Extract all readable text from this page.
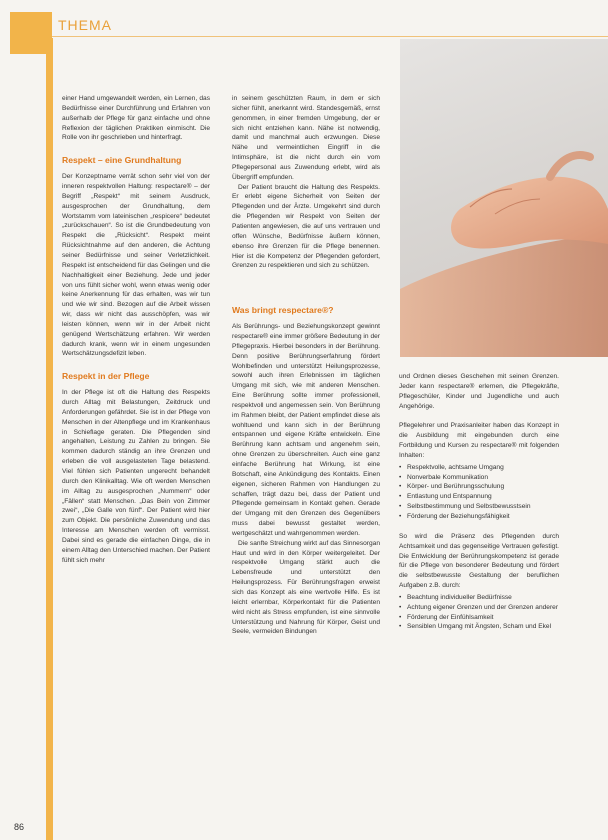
THEMA

einer Hand umgewandelt werden, ein Lernen, das Bedürfnisse einer Durchführung und Erfahren von außerhalb der Pflege für ganz einfache und ohne Reflexion der täglichen Praktiken einmischt. Die Rolle von ihr geschrieben und hinterfragt.

Respekt – eine Grundhaltung

Der Konzeptname verrät schon sehr viel von der inneren respektvollen Haltung: respectare® – der Begriff „Respekt“ mit seinem Ausdruck, ausgesprochen der Grundhaltung, dem Wortstamm vom lateinischen „respicere“ bedeutet „zurückschauen“. So ist die Grundbedeutung von Respekt die „Rücksicht“. Respekt meint Rücksichtnahme auf den anderen, die Achtung seiner Bedürfnisse und seiner Verletzlichkeit. Respekt ist entscheidend für das Gelingen und die Nachhaltigkeit einer Beziehung. Jede und jeder von uns fühlt sicher wohl, wenn etwas wenig oder keine Anerkennung für das erhalten, was wir tun und wie wir sind. Bezogen auf die Arbeit wissen wir, dass wir nicht das ausschöpfen, was wir leisten können, wenn wir in der Arbeit nicht genügend Wertschätzung erfahren. Wir werden dadurch krank, wenn wir in einem ungesunden Wertschätzungsdefizit leben.

Respekt in der Pflege

In der Pflege ist oft die Haltung des Respekts durch Alltag mit Belastungen, Zeitdruck und Anforderungen gefährdet. Sie ist in der Pflege von Menschen in der Altenpflege und im Krankenhaus in Schieflage geraten. Die Pflegenden sind angehalten, Leistung zu Zahlen zu bringen. Sie kommen dadurch ständig an ihre Grenzen und erleben die voll ausgelasteten Tage belastend. Viel fühlen sich Patienten ungerecht behandelt durch den Klinikalltag. Wie oft werden Menschen im Alltag zu ausgesprochen „Nummern“ oder „Fällen“ statt Menschen. „Das Bein von Zimmer zwei“, „Die Galle von fünf“. Der Patient wird hier zum Objekt. Die persönliche Zuwendung und das Interesse am Menschen werden oft vermisst. Dabei sind es gerade die einfachen Dinge, die in einem Alltag den Unterschied machen. Der Patient fühlt sich mehr

in seinem geschützten Raum, in dem er sich sicher fühlt, anerkannt wird. Standesgemäß, ernst genommen, in einer fremden Umgebung, der er sich nicht entziehen kann. Nähe ist notwendig, damit und manchmal auch erzwungen. Diese Nähe und vermeintlichen Eingriff in die Intimsphäre, ist die nicht durch ein vom Pflegepersonal aus Zuwendung erlebt, wird als Übergriff empfunden.

Der Patient braucht die Haltung des Respekts. Er erlebt eigene Sicherheit von Seiten der Pflegenden und der Ärzte. Umgekehrt sind durch die Pflegenden wir Respekt von Seiten der Patienten angewiesen, die auf uns vertrauen und offen Wünsche, Bedürfnisse äußern können, ebenso ihre Grenzen für die Pflege benennen. Hier ist die Kompetenz der Pflegenden gefordert, Grenzen zu respektieren und sich zu schützen.

Was bringt respectare®?

Als Berührungs- und Beziehungskonzept gewinnt respectare® eine immer größere Bedeutung in der Pflegepraxis. Hierbei besonders in der Berührung. Denn positive Berührungserfahrung fördert Wohlbefinden und unterstützt Heilungsprozesse, sowohl auch ihren Erlebnissen im täglichen Umgang mit sich, wie mit anderen Menschen. Eine Berührung sollte immer professionell, respektvoll und angemessen sein. Von Berührung im Rahmen bleibt, der Patient empfindet diese als wohltuend und kann sich in der Berührung entspannen und eigene Kräfte entwickeln. Eine Berührung kann achtsam und angenehm sein, ohne Grenzen zu überschreiten. Auch eine ganz einfache Berührung hat Wirkung, ist eine Botschaft, eine Ankündigung des Kontakts. Einen eigenen, sicheren Rahmen von Handlungen zu schaffen, trägt dazu bei, dass der Patient und Pflegende gemeinsam in Kontakt gehen. Gerade der Umgang mit den Grenzen des Gegenübers muss dabei bewusst gestaltet werden, wertgeschätzt und wahrgenommen werden.

Die sanfte Streichung wirkt auf das Sinnesorgan Haut und wird in den Körper weitergeleitet. Der respektvolle Umgang stärkt auch die Lebensfreude und unterstützt den Heilungsprozess. Für Berührungsfragen erweist sich das Konzept als eine wertvolle Hilfe. Es ist leicht erlernbar, Körperkontakt für die Patienten wird nicht als Stress empfunden, ist eine sinnvolle Unterstützung und Nahrung für Körper, Geist und Seele, vermeiden Bindungen

und Ordnen dieses Geschehen mit seinen Grenzen. Jeder kann respectare® erlernen, die Pflegekräfte, Pflegeschüler, Kinder und Jugendliche und auch Angehörige.

Pflegelehrer und Praxisanleiter haben das Konzept in die Ausbildung mit eingebunden durch eine Fortbildung und Kursen zu respectare® mit folgenden Inhalten:

• Respektvolle, achtsame Umgang
• Nonverbale Kommunikation
• Körper- und Berührungsschulung
• Entlastung und Entspannung
• Selbstbestimmung und Selbstbewusstsein
• Förderung der Beziehungsfähigkeit

So wird die Präsenz des Pflegenden durch Achtsamkeit und das gegenseitige Vertrauen gefestigt. Die Entwicklung der Berührungskompetenz ist gerade für die Pflege von besonderer Bedeutung und fördert die selbstbewusste Gestaltung der beruflichen Aufgaben z.B. durch:

• Beachtung individueller Bedürfnisse
• Achtung eigener Grenzen und der Grenzen anderer
• Förderung der Einfühlsamkeit
• Sensiblen Umgang mit Ängsten, Scham und Ekel
86
